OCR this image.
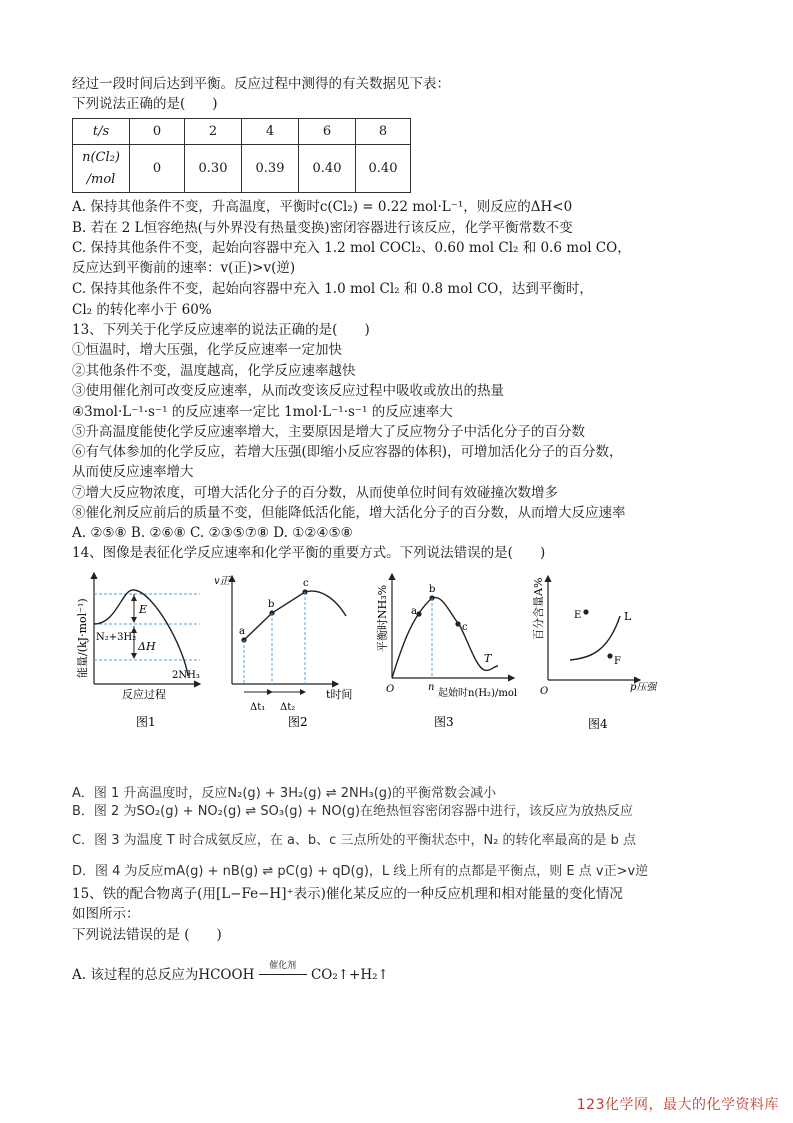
经过一段时间后达到平衡。反应过程中测得的有关数据见下表：
下列说法正确的是(　　)
t/s	0	2	4	6	8

n(Cl₂)
/mol	0	0.30	0.39	0.40	0.40
A. 保持其他条件不变，升高温度，平衡时c(Cl₂) = 0.22 mol·L⁻¹，则反应的ΔH<0
B. 若在 2 L恒容绝热(与外界没有热量变换)密闭容器进行该反应，化学平衡常数不变
C. 保持其他条件不变，起始向容器中充入 1.2 mol COCl₂、0.60 mol Cl₂ 和 0.6 mol CO，
反应达到平衡前的速率：v(正)>v(逆)
C. 保持其他条件不变，起始向容器中充入 1.0 mol Cl₂ 和 0.8 mol CO，达到平衡时，
Cl₂ 的转化率小于 60%
13、下列关于化学反应速率的说法正确的是(　　)
①恒温时，增大压强，化学反应速率一定加快
②其他条件不变，温度越高，化学反应速率越快
③使用催化剂可改变反应速率，从而改变该反应过程中吸收或放出的热量
④3mol·L⁻¹·s⁻¹ 的反应速率一定比 1mol·L⁻¹·s⁻¹ 的反应速率大
⑤升高温度能使化学反应速率增大，主要原因是增大了反应物分子中活化分子的百分数
⑥有气体参加的化学反应，若增大压强(即缩小反应容器的体积)，可增加活化分子的百分数，
从而使反应速率增大
⑦增大反应物浓度，可增大活化分子的百分数，从而使单位时间有效碰撞次数增多
⑧催化剂反应前后的质量不变，但能降低活化能，增大活化分子的百分数，从而增大反应速率
A. ②⑤⑧ B. ②⑥⑧ C. ②③⑤⑦⑧ D. ①②④⑤⑧
14、图像是表征化学反应速率和化学平衡的重要方式。下列说法错误的是(　　)
能量/(kJ·mol⁻¹)	E
ΔH
N₂+3H₂
2NH₃
反应过程
图1
v正
a
b
c
Δt₁ Δt₂
t时间
图2
平衡时NH₃% a
b
c
T
O	n
起始时n(H₂)/mol
图3
百分含量A%	E
F
L
O	p压强
图4
A．图 1 升高温度时，反应N₂(g) + 3H₂(g) ⇌ 2NH₃(g)的平衡常数会减小
B．图 2 为SO₂(g) + NO₂(g) ⇌ SO₃(g) + NO(g)在绝热恒容密闭容器中进行，该反应为放热反应
C．图 3 为温度 T 时合成氨反应，在 a、b、c 三点所处的平衡状态中，N₂ 的转化率最高的是 b 点
D．图 4 为反应mA(g) + nB(g) ⇌ pC(g) + qD(g)，L 线上所有的点都是平衡点，则 E 点 v正>v逆
15、铁的配合物离子(用[L−Fe−H]⁺表示)催化某反应的一种反应机理和相对能量的变化情况
如图所示：
下列说法错误的是 (　　)
A. 该过程的总反应为HCOOH
催化剂
CO₂↑+H₂↑
123化学网，最大的化学资料库
